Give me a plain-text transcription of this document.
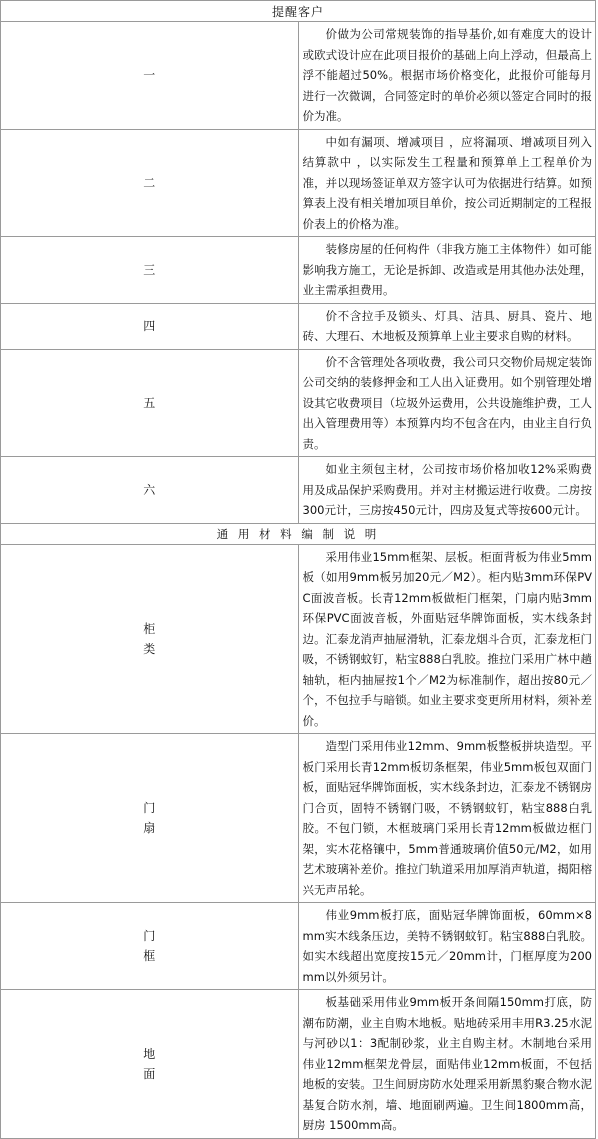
提醒客户	
一	价做为公司常规装饰的指导基价,如有难度大的设计或欧式设计应在此项目报价的基础上向上浮动，但最高上浮不能超过50%。根据市场价格变化，此报价可能每月进行一次微调，合同签定时的单价必须以签定合同时的报价为准。
二	中如有漏项、增减项目 ，应将漏项、增减项目列入结算款中 ，以实际发生工程量和预算单上工程单价为准，并以现场签证单双方签字认可为依据进行结算。如预算表上没有相关增加项目单价，按公司近期制定的工程报价表上的价格为准。
三	装修房屋的任何构件（非我方施工主体物件）如可能影响我方施工，无论是拆卸、改造或是用其他办法处理，业主需承担费用。
四	价不含拉手及锁头、灯具、洁具、厨具、瓷片、地砖、大理石、木地板及预算单上业主要求自购的材料。
五	价不含管理处各项收费，我公司只交物价局规定装饰公司交纳的装修押金和工人出入证费用。如个别管理处增设其它收费项目（垃圾外运费用，公共设施维护费，工人出入管理费用等）本预算内均不包含在内，由业主自行负责。
六	如业主须包主材，公司按市场价格加收12%采购费用及成品保护采购费用。并对主材搬运进行收费。二房按300元计，三房按450元计，四房及复式等按600元计。
通 用 材 料 编 制 说 明	

柜
类	采用伟业15mm框架、层板。柜面背板为伟业5mm板（如用9mm板另加20元／M2）。柜内贴3mm环保PVC面波音板。长青12mm板做柜门框架，门扇内贴3mm环保PVC面波音板，外面贴冠华牌饰面板，实木线条封边。汇泰龙消声抽屉滑轨，汇泰龙烟斗合页，汇泰龙柜门吸，不锈钢蚊钉，粘宝888白乳胶。推拉门采用广林中趟轴轨，柜内抽屉按1个／M2为标准制作，超出按80元／个，不包拉手与暗锁。如业主要求变更所用材料，须补差价。

门
扇	造型门采用伟业12mm、9mm板整板拼块造型。平板门采用长青12mm板切条框架，伟业5mm板包双面门板，面贴冠华牌饰面板，实木线条封边，汇泰龙不锈钢房门合页，固特不锈钢门吸，不锈钢蚊钉，粘宝888白乳胶。不包门锁，木框玻璃门采用长青12mm板做边框门架，实木花格镶中，5mm普通玻璃价值50元/M2，如用艺术玻璃补差价。推拉门轨道采用加厚消声轨道，揭阳榕兴无声吊轮。

门
框	伟业9mm板打底，面贴冠华牌饰面板，60mm×8mm实木线条压边，美特不锈钢蚊钉。粘宝888白乳胶。如实木线超出宽度按15元／20mm计，门框厚度为200mm以外须另计。

地
面	板基础采用伟业9mm板开条间隔150mm打底，防潮布防潮，业主自购木地板。贴地砖采用丰用R3.25水泥与河砂以1：3配制砂浆，业主自购主材。木制地台采用伟业12mm框架龙骨层，面贴伟业12mm板面，不包括地板的安装。卫生间厨房防水处理采用新黑豹聚合物水泥基复合防水剂，墙、地面刷两遍。卫生间1800mm高，厨房 1500mm高。
